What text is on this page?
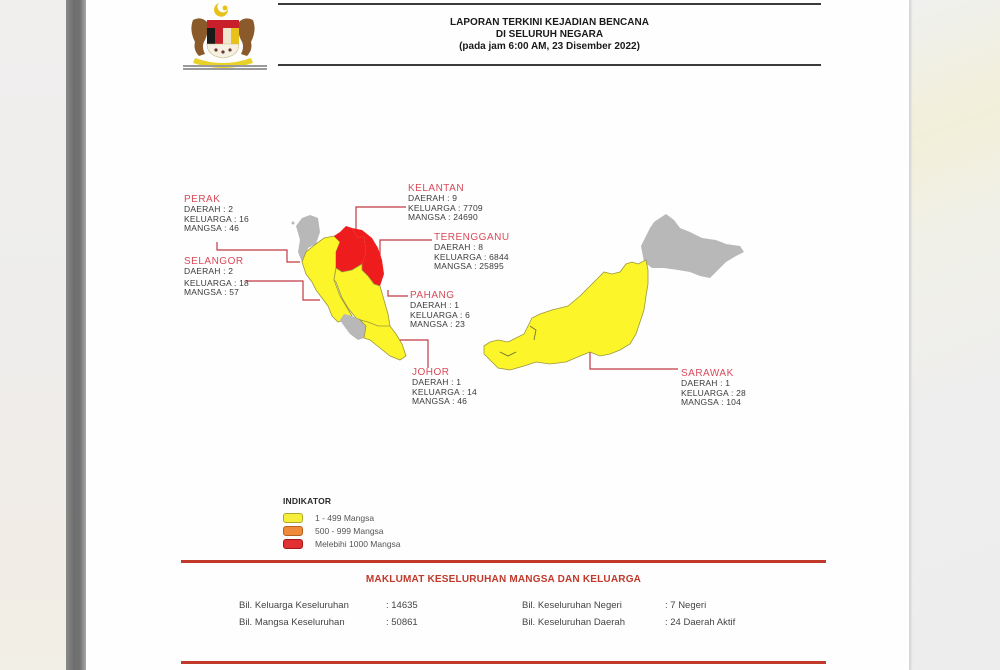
LAPORAN TERKINI KEJADIAN BENCANA
DI SELURUH NEGARA
(pada jam 6:00 AM, 23 Disember 2022)
PERAK
DAERAH : 2
KELUARGA : 16
MANGSA : 46
SELANGOR
DAERAH : 2
KELUARGA : 18
MANGSA : 57
KELANTAN
DAERAH : 9
KELUARGA : 7709
MANGSA : 24690
TERENGGANU
DAERAH : 8
KELUARGA : 6844
MANGSA : 25895
PAHANG
DAERAH : 1
KELUARGA : 6
MANGSA : 23
JOHOR
DAERAH : 1
KELUARGA : 14
MANGSA : 46
SARAWAK
DAERAH : 1
KELUARGA : 28
MANGSA : 104
INDIKATOR
1 - 499 Mangsa
500 - 999 Mangsa
Melebihi 1000 Mangsa
MAKLUMAT KESELURUHAN MANGSA DAN KELUARGA
Bil. Keluarga Keseluruhan	: 14635
Bil. Mangsa Keseluruhan	: 50861
Bil. Keseluruhan Negeri	: 7 Negeri
Bil. Keseluruhan Daerah	: 24 Daerah Aktif
